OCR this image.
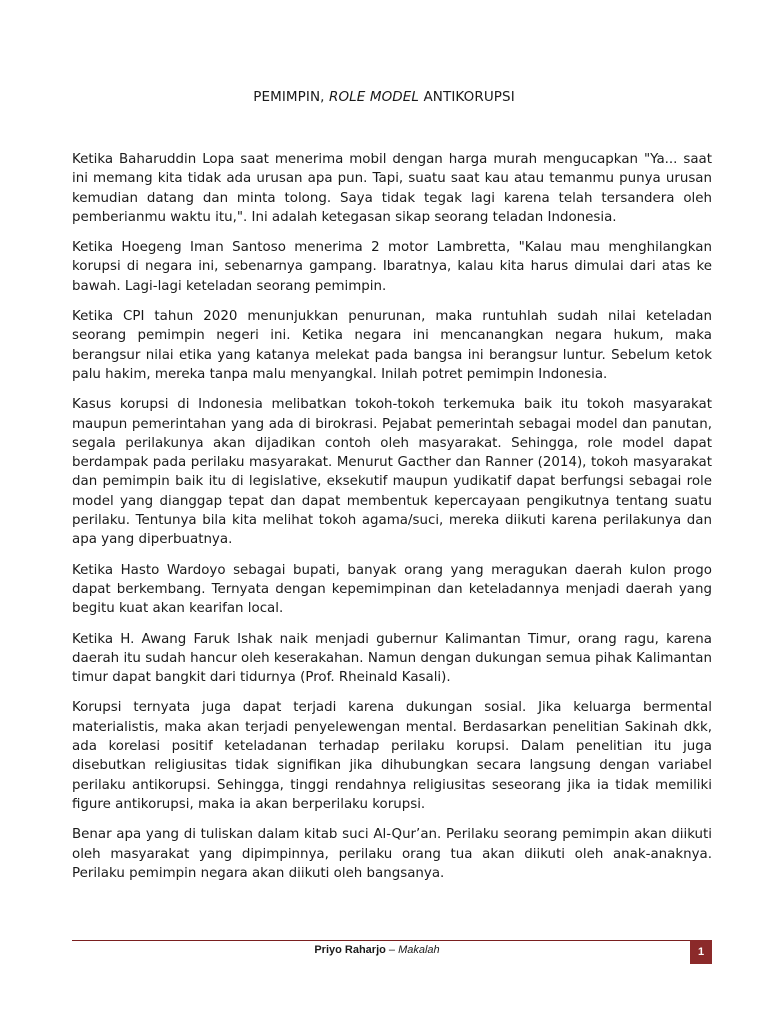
PEMIMPIN, ROLE MODEL ANTIKORUPSI

Ketika Baharuddin Lopa saat menerima mobil dengan harga murah mengucapkan "Ya... saat ini memang kita tidak ada urusan apa pun. Tapi, suatu saat kau atau temanmu punya urusan kemudian datang dan minta tolong. Saya tidak tegak lagi karena telah tersandera oleh pemberianmu waktu itu,". Ini adalah ketegasan sikap seorang teladan Indonesia.

Ketika Hoegeng Iman Santoso menerima 2 motor Lambretta, "Kalau mau menghilangkan korupsi di negara ini, sebenarnya gampang. Ibaratnya, kalau kita harus dimulai dari atas ke bawah. Lagi-lagi keteladan seorang pemimpin.

Ketika CPI tahun 2020 menunjukkan penurunan, maka runtuhlah sudah nilai keteladan seorang pemimpin negeri ini. Ketika negara ini mencanangkan negara hukum, maka berangsur nilai etika yang katanya melekat pada bangsa ini berangsur luntur. Sebelum ketok palu hakim, mereka tanpa malu menyangkal. Inilah potret pemimpin Indonesia.

Kasus korupsi di Indonesia melibatkan tokoh-tokoh terkemuka baik itu tokoh masyarakat maupun pemerintahan yang ada di birokrasi. Pejabat pemerintah sebagai model dan panutan, segala perilakunya akan dijadikan contoh oleh masyarakat. Sehingga, role model dapat berdampak pada perilaku masyarakat. Menurut Gacther dan Ranner (2014), tokoh masyarakat dan pemimpin baik itu di legislative, eksekutif maupun yudikatif dapat berfungsi sebagai role model yang dianggap tepat dan dapat membentuk kepercayaan pengikutnya tentang suatu perilaku. Tentunya bila kita melihat tokoh agama/suci, mereka diikuti karena perilakunya dan apa yang diperbuatnya.

Ketika Hasto Wardoyo sebagai bupati, banyak orang yang meragukan daerah kulon progo dapat berkembang. Ternyata dengan kepemimpinan dan keteladannya menjadi daerah yang begitu kuat akan kearifan local.

Ketika H. Awang Faruk Ishak naik menjadi gubernur Kalimantan Timur, orang ragu, karena daerah itu sudah hancur oleh keserakahan. Namun dengan dukungan semua pihak Kalimantan timur dapat bangkit dari tidurnya (Prof. Rheinald Kasali).

Korupsi ternyata juga dapat terjadi karena dukungan sosial. Jika keluarga bermental materialistis, maka akan terjadi penyelewengan mental. Berdasarkan penelitian Sakinah dkk, ada korelasi positif keteladanan terhadap perilaku korupsi. Dalam penelitian itu juga disebutkan religiusitas tidak signifikan jika dihubungkan secara langsung dengan variabel perilaku antikorupsi. Sehingga, tinggi rendahnya religiusitas seseorang jika ia tidak memiliki figure antikorupsi, maka ia akan berperilaku korupsi.

Benar apa yang di tuliskan dalam kitab suci Al-Qur’an. Perilaku seorang pemimpin akan diikuti oleh masyarakat yang dipimpinnya, perilaku orang tua akan diikuti oleh anak-anaknya. Perilaku pemimpin negara akan diikuti oleh bangsanya.

Priyo Raharjo – Makalah	1
